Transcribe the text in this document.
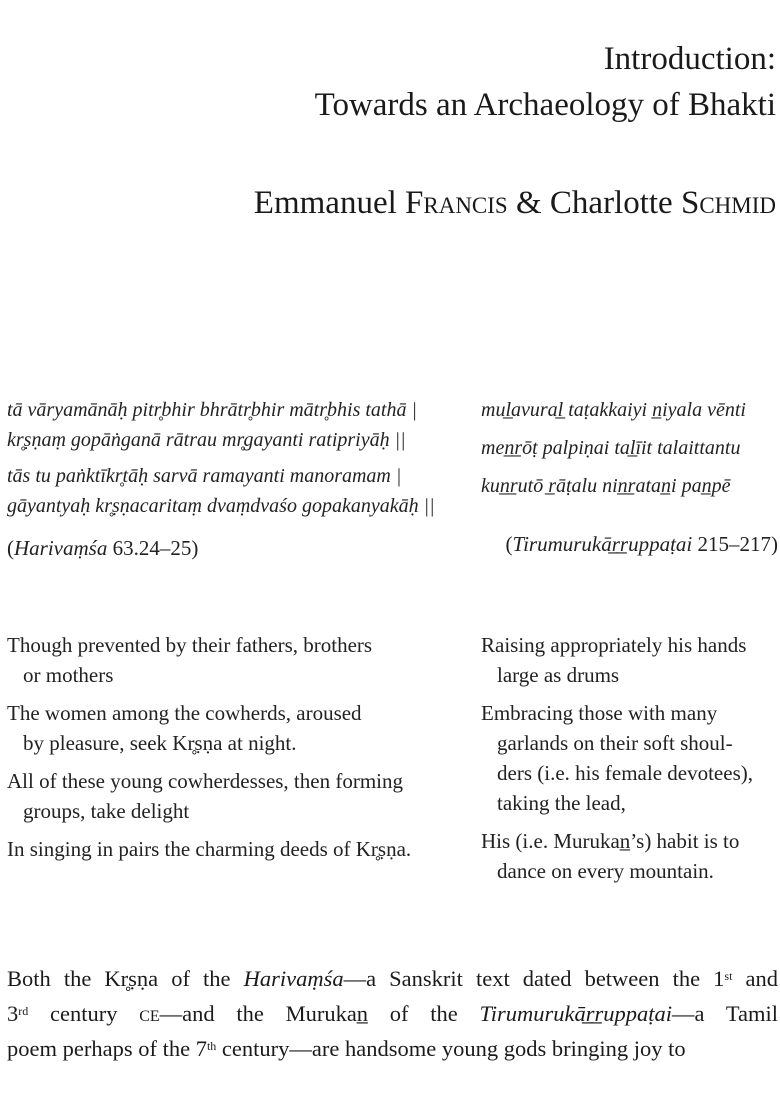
Introduction:
Towards an Archaeology of Bhakti
Emmanuel Francis & Charlotte Schmid
tā vāryamānāḥ pitr̥bhir bhrātr̥bhir mātr̥bhis tathā |
kr̥ṣṇaṃ gopāṅganā rātrau mr̥gayanti ratipriyāḥ ||
tās tu paṅktīkr̥tāḥ sarvā ramayanti manoramam |
gāyantyaḥ kr̥ṣṇacaritaṃ dvaṃdvaśo gopakanyakāḥ ||
(Harivaṃśa 63.24–25)
mul̲avural̲ taṭakkaiyi n̲iyala vēnti
men̲r̲ōṭ palpiṇai tal̲īit talaittantu
kun̲r̲utō r̲āṭalu nin̲r̲atan̲i pan̲pē
(Tirumurukār̲r̲uppaṭai 215–217)
Though prevented by their fathers, brothers
or mothers
The women among the cowherds, aroused
by pleasure, seek Kr̥ṣṇa at night.
All of these young cowherdesses, then forming
groups, take delight
In singing in pairs the charming deeds of Kr̥ṣṇa.
Raising appropriately his hands
large as drums
Embracing those with many
garlands on their soft shoul-
ders (i.e. his female devotees),
taking the lead,
His (i.e. Murukan̲’s) habit is to
dance on every mountain.
Both the Kr̥ṣṇa of the Harivaṃśa—a Sanskrit text dated between the 1st and
3rd century ce—and the Murukan̲ of the Tirumurukār̲r̲uppaṭai—a Tamil
poem perhaps of the 7th century—are handsome young gods bringing joy to
